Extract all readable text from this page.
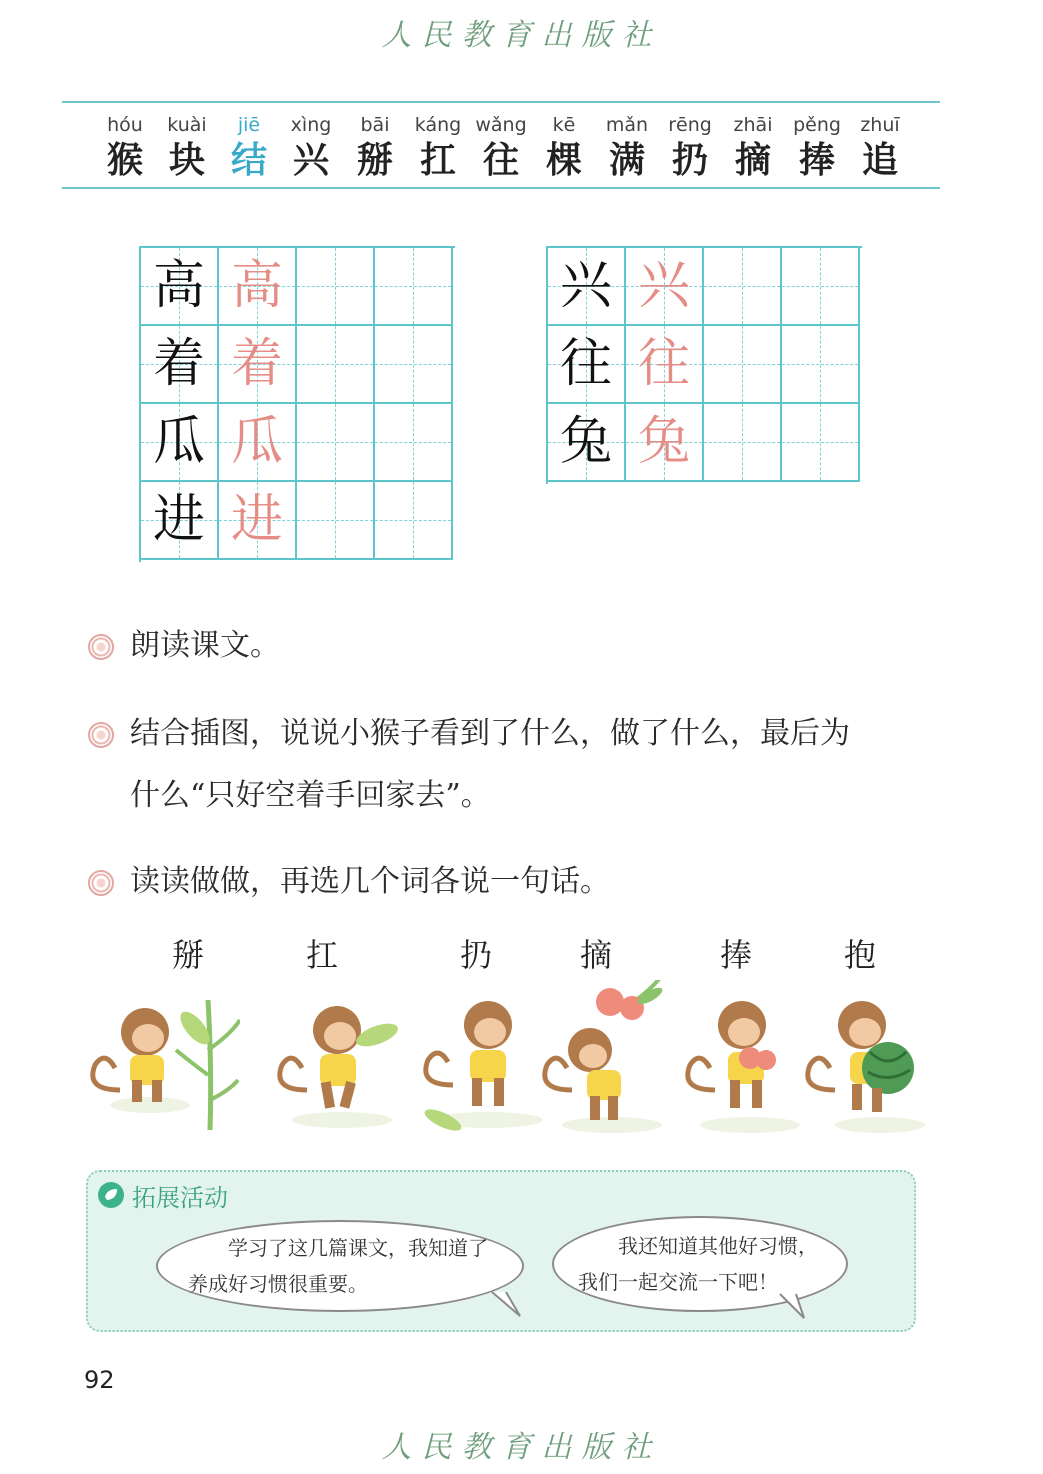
人民教育出版社
hóu
猴
kuài
块
jiē
结
xìng
兴
bāi
掰
káng
扛
wǎng
往
kē
棵
mǎn
满
rēng
扔
zhāi
摘
pěng
捧
zhuī
追
高 高
着 着
瓜 瓜
进 进
兴 兴
往 往
兔 兔
朗读课文。
结合插图，说说小猴子看到了什么，做了什么，最后为
什么“只好空着手回家去”。
读读做做，再选几个词各说一句话。
掰	扛	扔	摘	捧	抱
拓展活动
学习了这几篇课文，我知道了
养成好习惯很重要。
我还知道其他好习惯，
我们一起交流一下吧！
92
人民教育出版社
